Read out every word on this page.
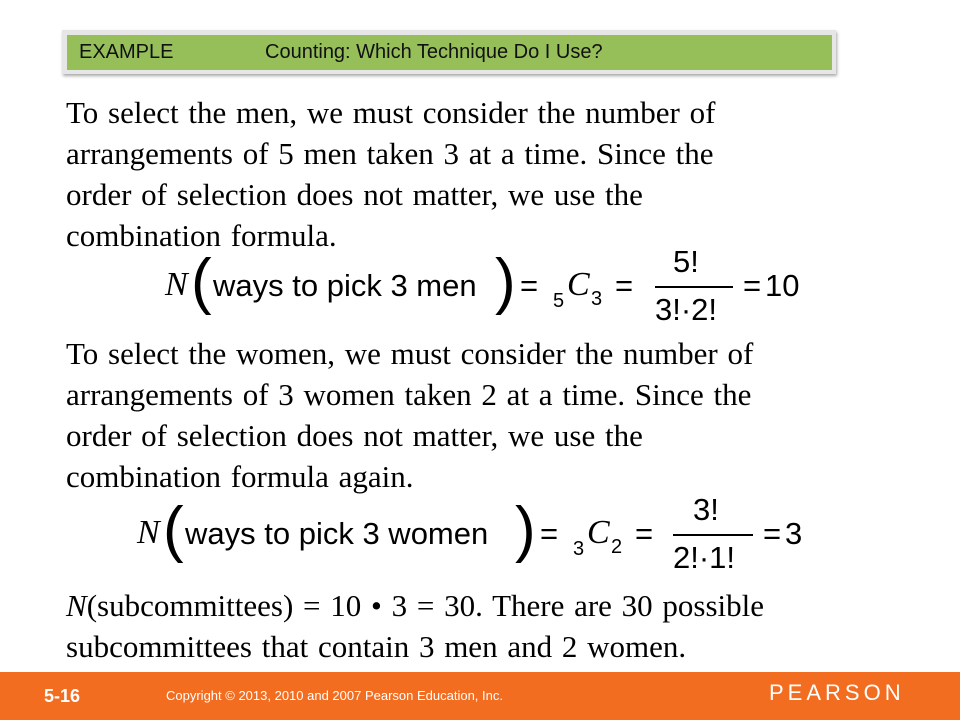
EXAMPLE	Counting: Which Technique Do I Use?

To select the men, we must consider the number of
arrangements of 5 men taken 3 at a time. Since the
order of selection does not matter, we use the
combination formula.

N ( ways to pick 3 men ) = 5 C 3 =
5!
3!·2!
= 10

To select the women, we must consider the number of
arrangements of 3 women taken 2 at a time. Since the
order of selection does not matter, we use the
combination formula again.

N ( ways to pick 3 women ) = 3 C 2 =
3!
2!·1!
= 3

N(subcommittees) = 10 • 3 = 30. There are 30 possible
subcommittees that contain 3 men and 2 women.

5-16	Copyright © 2013, 2010 and 2007 Pearson Education, Inc.	PEARSON
